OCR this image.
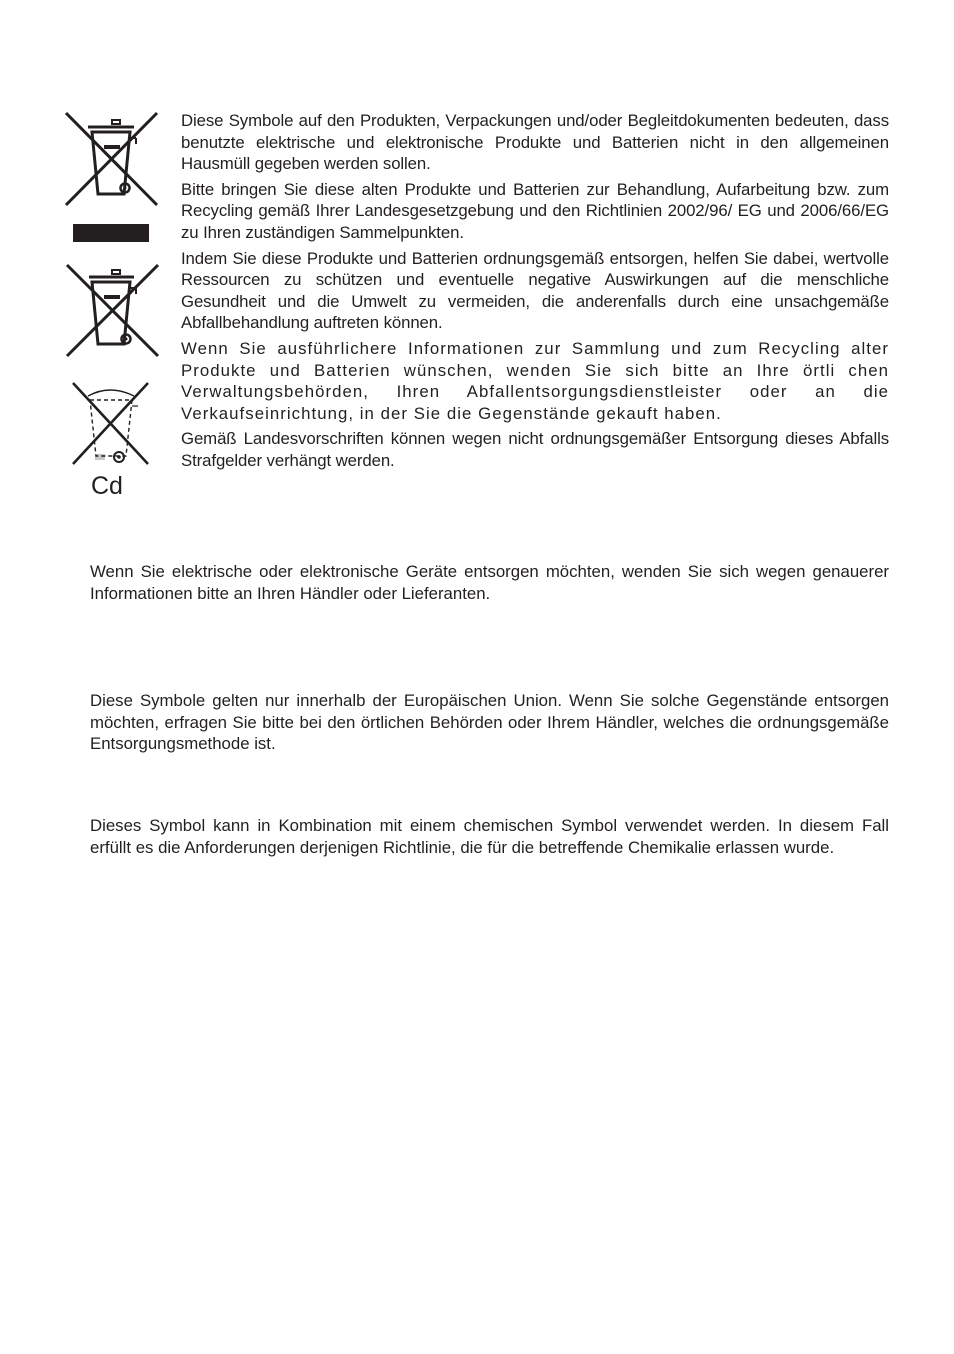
Cd

Diese Symbole auf den Produkten, Verpackungen und/oder Begleitdokumenten bedeuten, dass benutzte elektrische und elektronische Produkte und Batterien nicht in den allgemeinen Hausmüll gegeben werden sollen.

Bitte bringen Sie diese alten Produkte und Batterien zur Behandlung, Aufarbeitung bzw. zum Recycling gemäß Ihrer Landesgesetzgebung und den Richtlinien 2002/96/ EG und 2006/66/EG zu Ihren zuständigen Sammelpunkten.

Indem Sie diese Produkte und Batterien ordnungsgemäß entsorgen, helfen Sie dabei, wertvolle Ressourcen zu schützen und eventuelle negative Auswirkungen auf die menschliche Gesundheit und die Umwelt zu vermeiden, die anderenfalls durch eine unsachgemäße Abfallbehandlung auftreten können.

Wenn Sie ausführlichere Informationen zur Sammlung und zum Recycling alter Produkte und Batterien wünschen, wenden Sie sich bitte an Ihre örtli chen Verwaltungsbehörden, Ihren Abfallentsorgungsdienstleister oder an die Verkaufseinrichtung, in der Sie die Gegenstände gekauft haben.

Gemäß Landesvorschriften können wegen nicht ordnungsgemäßer Entsorgung dieses Abfalls Strafgelder verhängt werden.

Wenn Sie elektrische oder elektronische Geräte entsorgen möchten, wenden Sie sich wegen genauerer Informationen bitte an Ihren Händler oder Lieferanten.

Diese Symbole gelten nur innerhalb der Europäischen Union. Wenn Sie solche Gegenstände entsorgen möchten, erfragen Sie bitte bei den örtlichen Behörden oder Ihrem Händler, welches die ordnungsgemäße Entsorgungsmethode ist.

Dieses Symbol kann in Kombination mit einem chemischen Symbol verwendet werden. In diesem Fall erfüllt es die Anforderungen derjenigen Richtlinie, die für die betreffende Chemikalie erlassen wurde.
